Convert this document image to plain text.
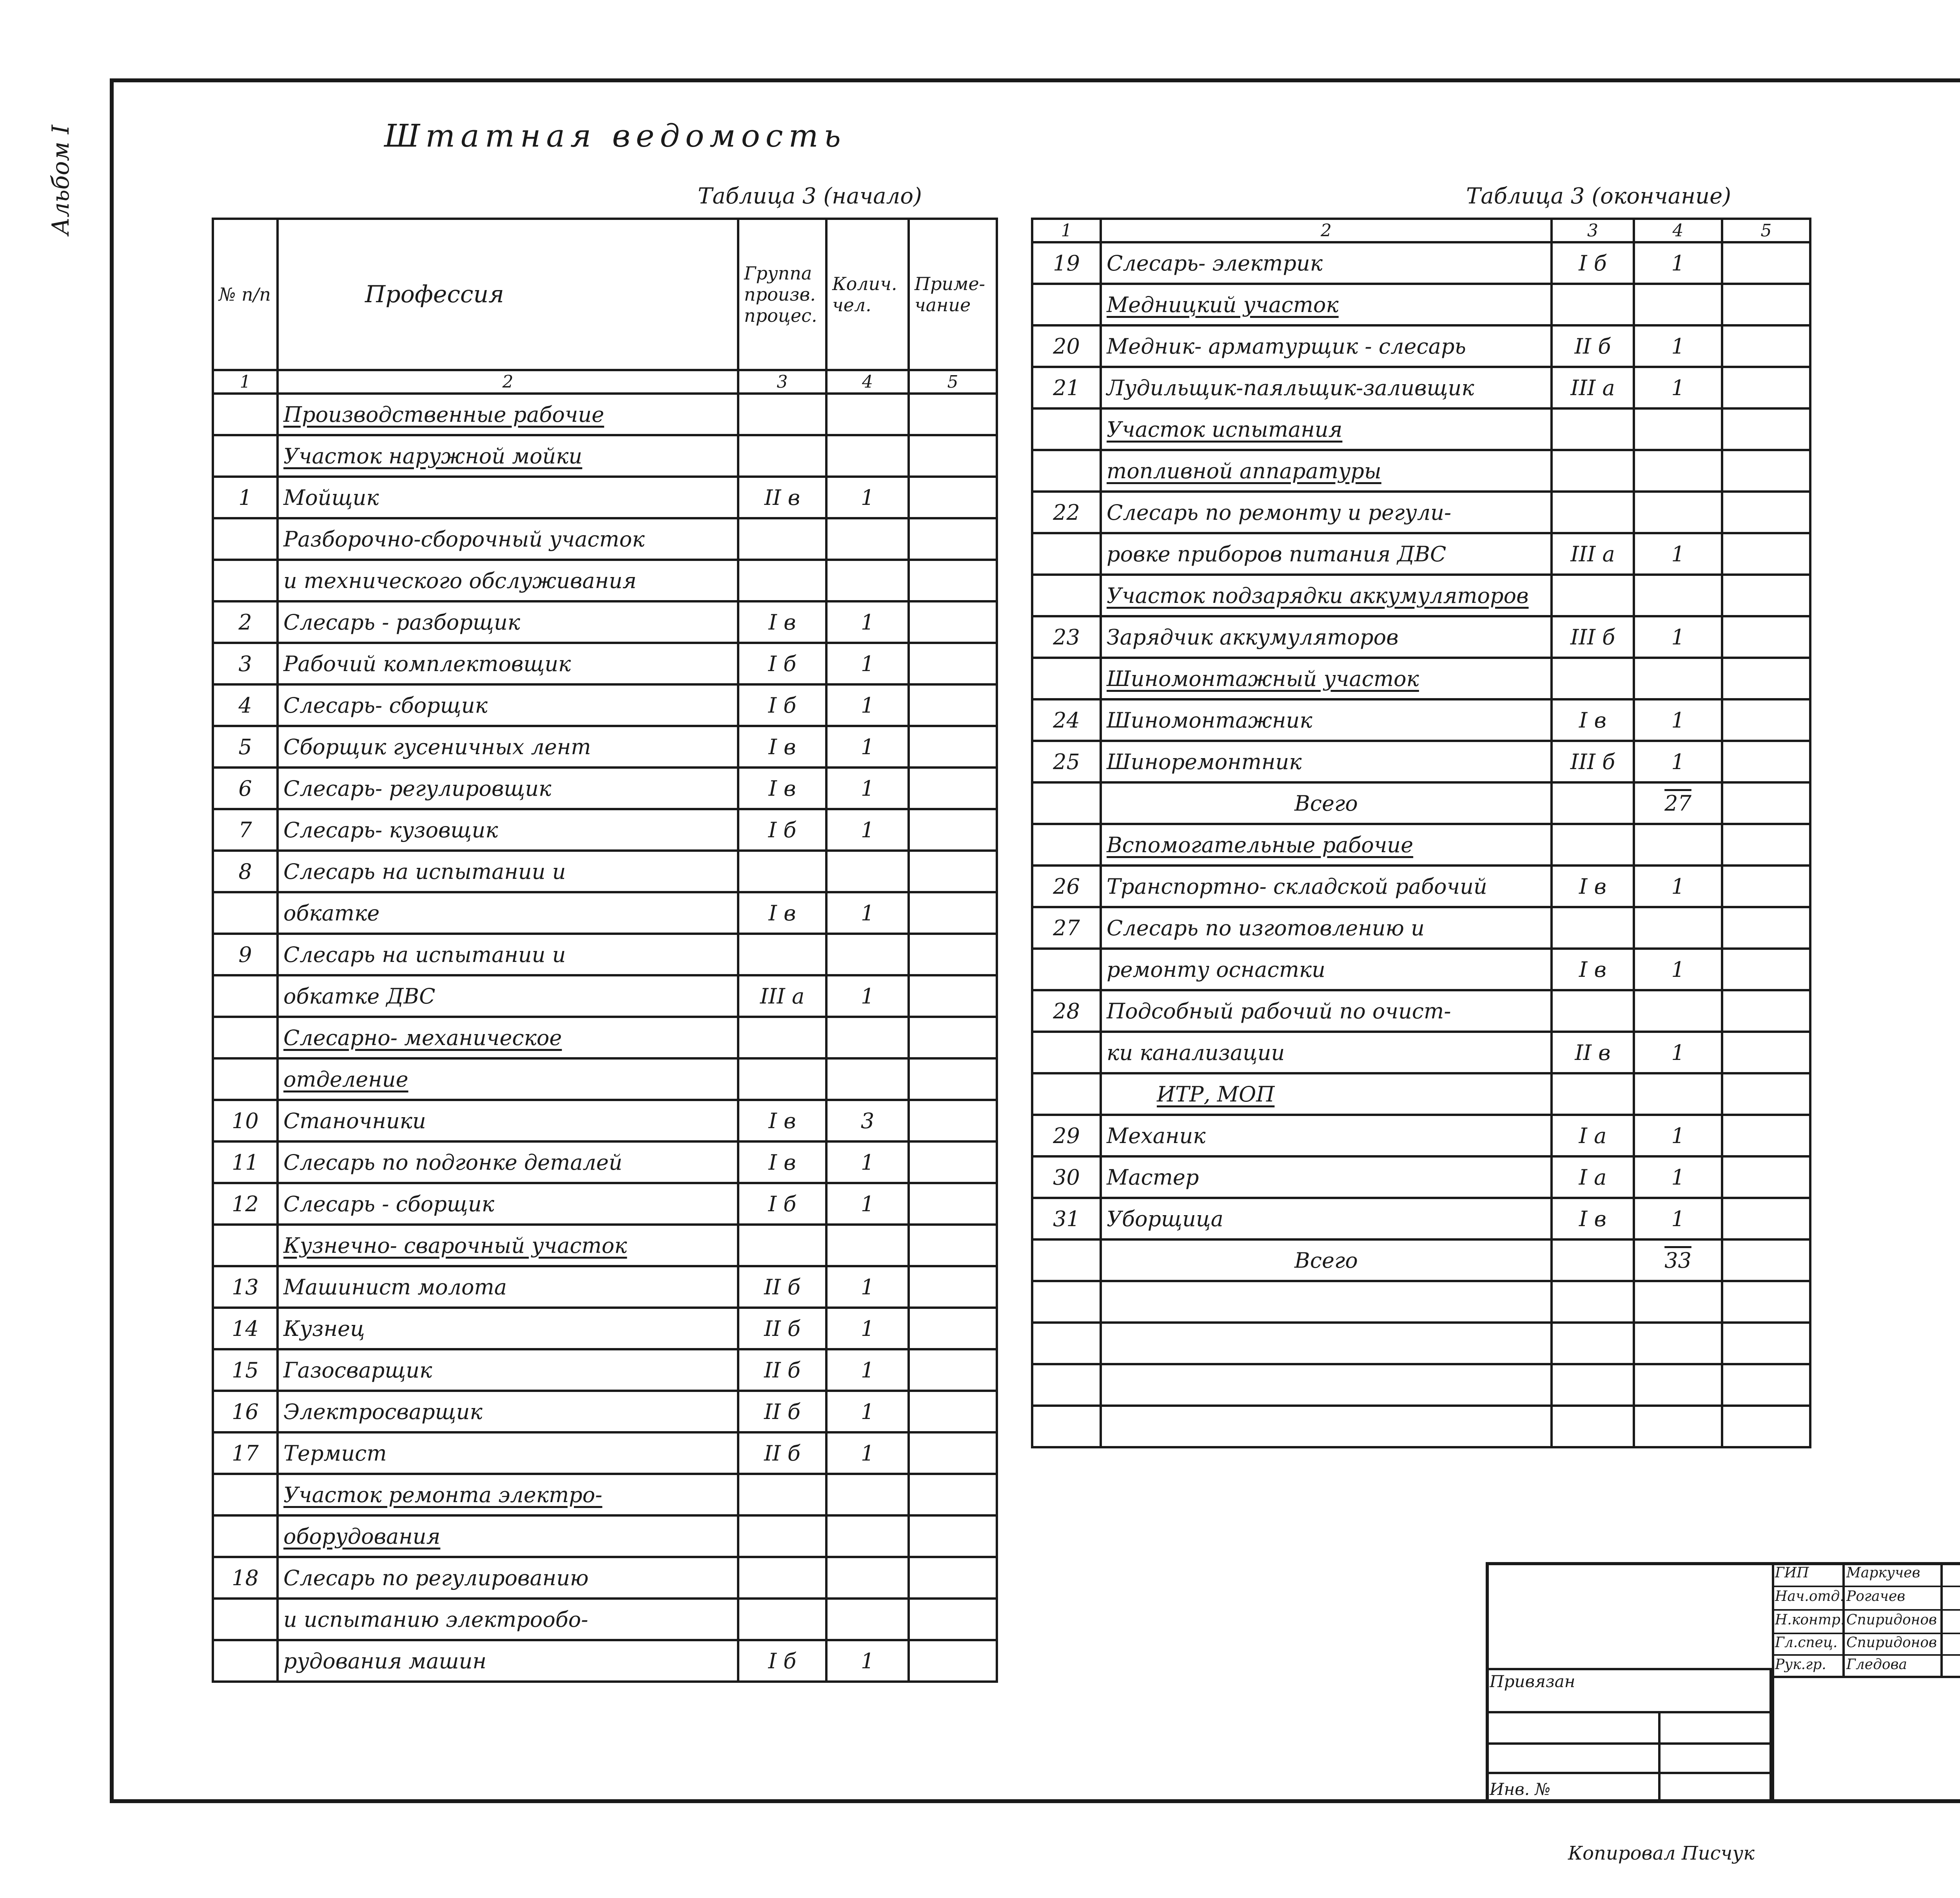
Альбом I	Штатная ведомость
Таблица 3 (начало)	Таблица 3 (окончание)
№ п/п	Профессия	Группа произв. процес.	Колич. чел.	Приме- чание
1	2	3	4	5
	Производственные рабочие			
	Участок наружной мойки			
1	Мойщик	II в	1	
	Разборочно-сборочный участок			
	и технического обслуживания			
2	Слесарь - разборщик	I в	1	
3	Рабочий комплектовщик	I б	1	
4	Слесарь- сборщик	I б	1	
5	Сборщик гусеничных лент	I в	1	
6	Слесарь- регулировщик	I в	1	
7	Слесарь- кузовщик	I б	1	
8	Слесарь на испытании и			
	обкатке	I в	1	
9	Слесарь на испытании и			
	обкатке ДВС	III а	1	
	Слесарно- механическое			
	отделение			
10	Станочники	I в	3	
11	Слесарь по подгонке деталей	I в	1	
12	Слесарь - сборщик	I б	1	
	Кузнечно- сварочный участок			
13	Машинист молота	II б	1	
14	Кузнец	II б	1	
15	Газосварщик	II б	1	
16	Электросварщик	II б	1	
17	Термист	II б	1	
	Участок ремонта электро-			
	оборудования			
18	Слесарь по регулированию			
	и испытанию электрообо-			
	рудования машин	I б	1	
1	2	3	4	5
19	Слесарь- электрик	I б	1	
	Медницкий участок			
20	Медник- арматурщик - слесарь	II б	1	
21	Лудильщик-паяльщик-заливщик	III а	1	
	Участок испытания			
	топливной аппаратуры			
22	Слесарь по ремонту и регули-			
	ровке приборов питания ДВС	III а	1	
	Участок подзарядки аккумуляторов			
23	Зарядчик аккумуляторов	III б	1	
	Шиномонтажный участок			
24	Шиномонтажник	I в	1	
25	Шиноремонтник	III б	1	
	Всего		27	
	Вспомогательные рабочие			
26	Транспортно- складской рабочий	I в	1	
27	Слесарь по изготовлению и			
	ремонту оснастки	I в	1	
28	Подсобный рабочий по очист-			
	ки канализации	II в	1	
	ИТР, МОП			
29	Механик	I а	1	
30	Мастер	I а	1	
31	Уборщица	I в	1	
	Всего		33	

Привязан
Инв. №
ГИП	Маркучев
Нач.отд. Рогачев
Н.контр. Спиридонов
Гл.спец. Спиридонов
Рук.гр. Гледова
Копировал Писчук
